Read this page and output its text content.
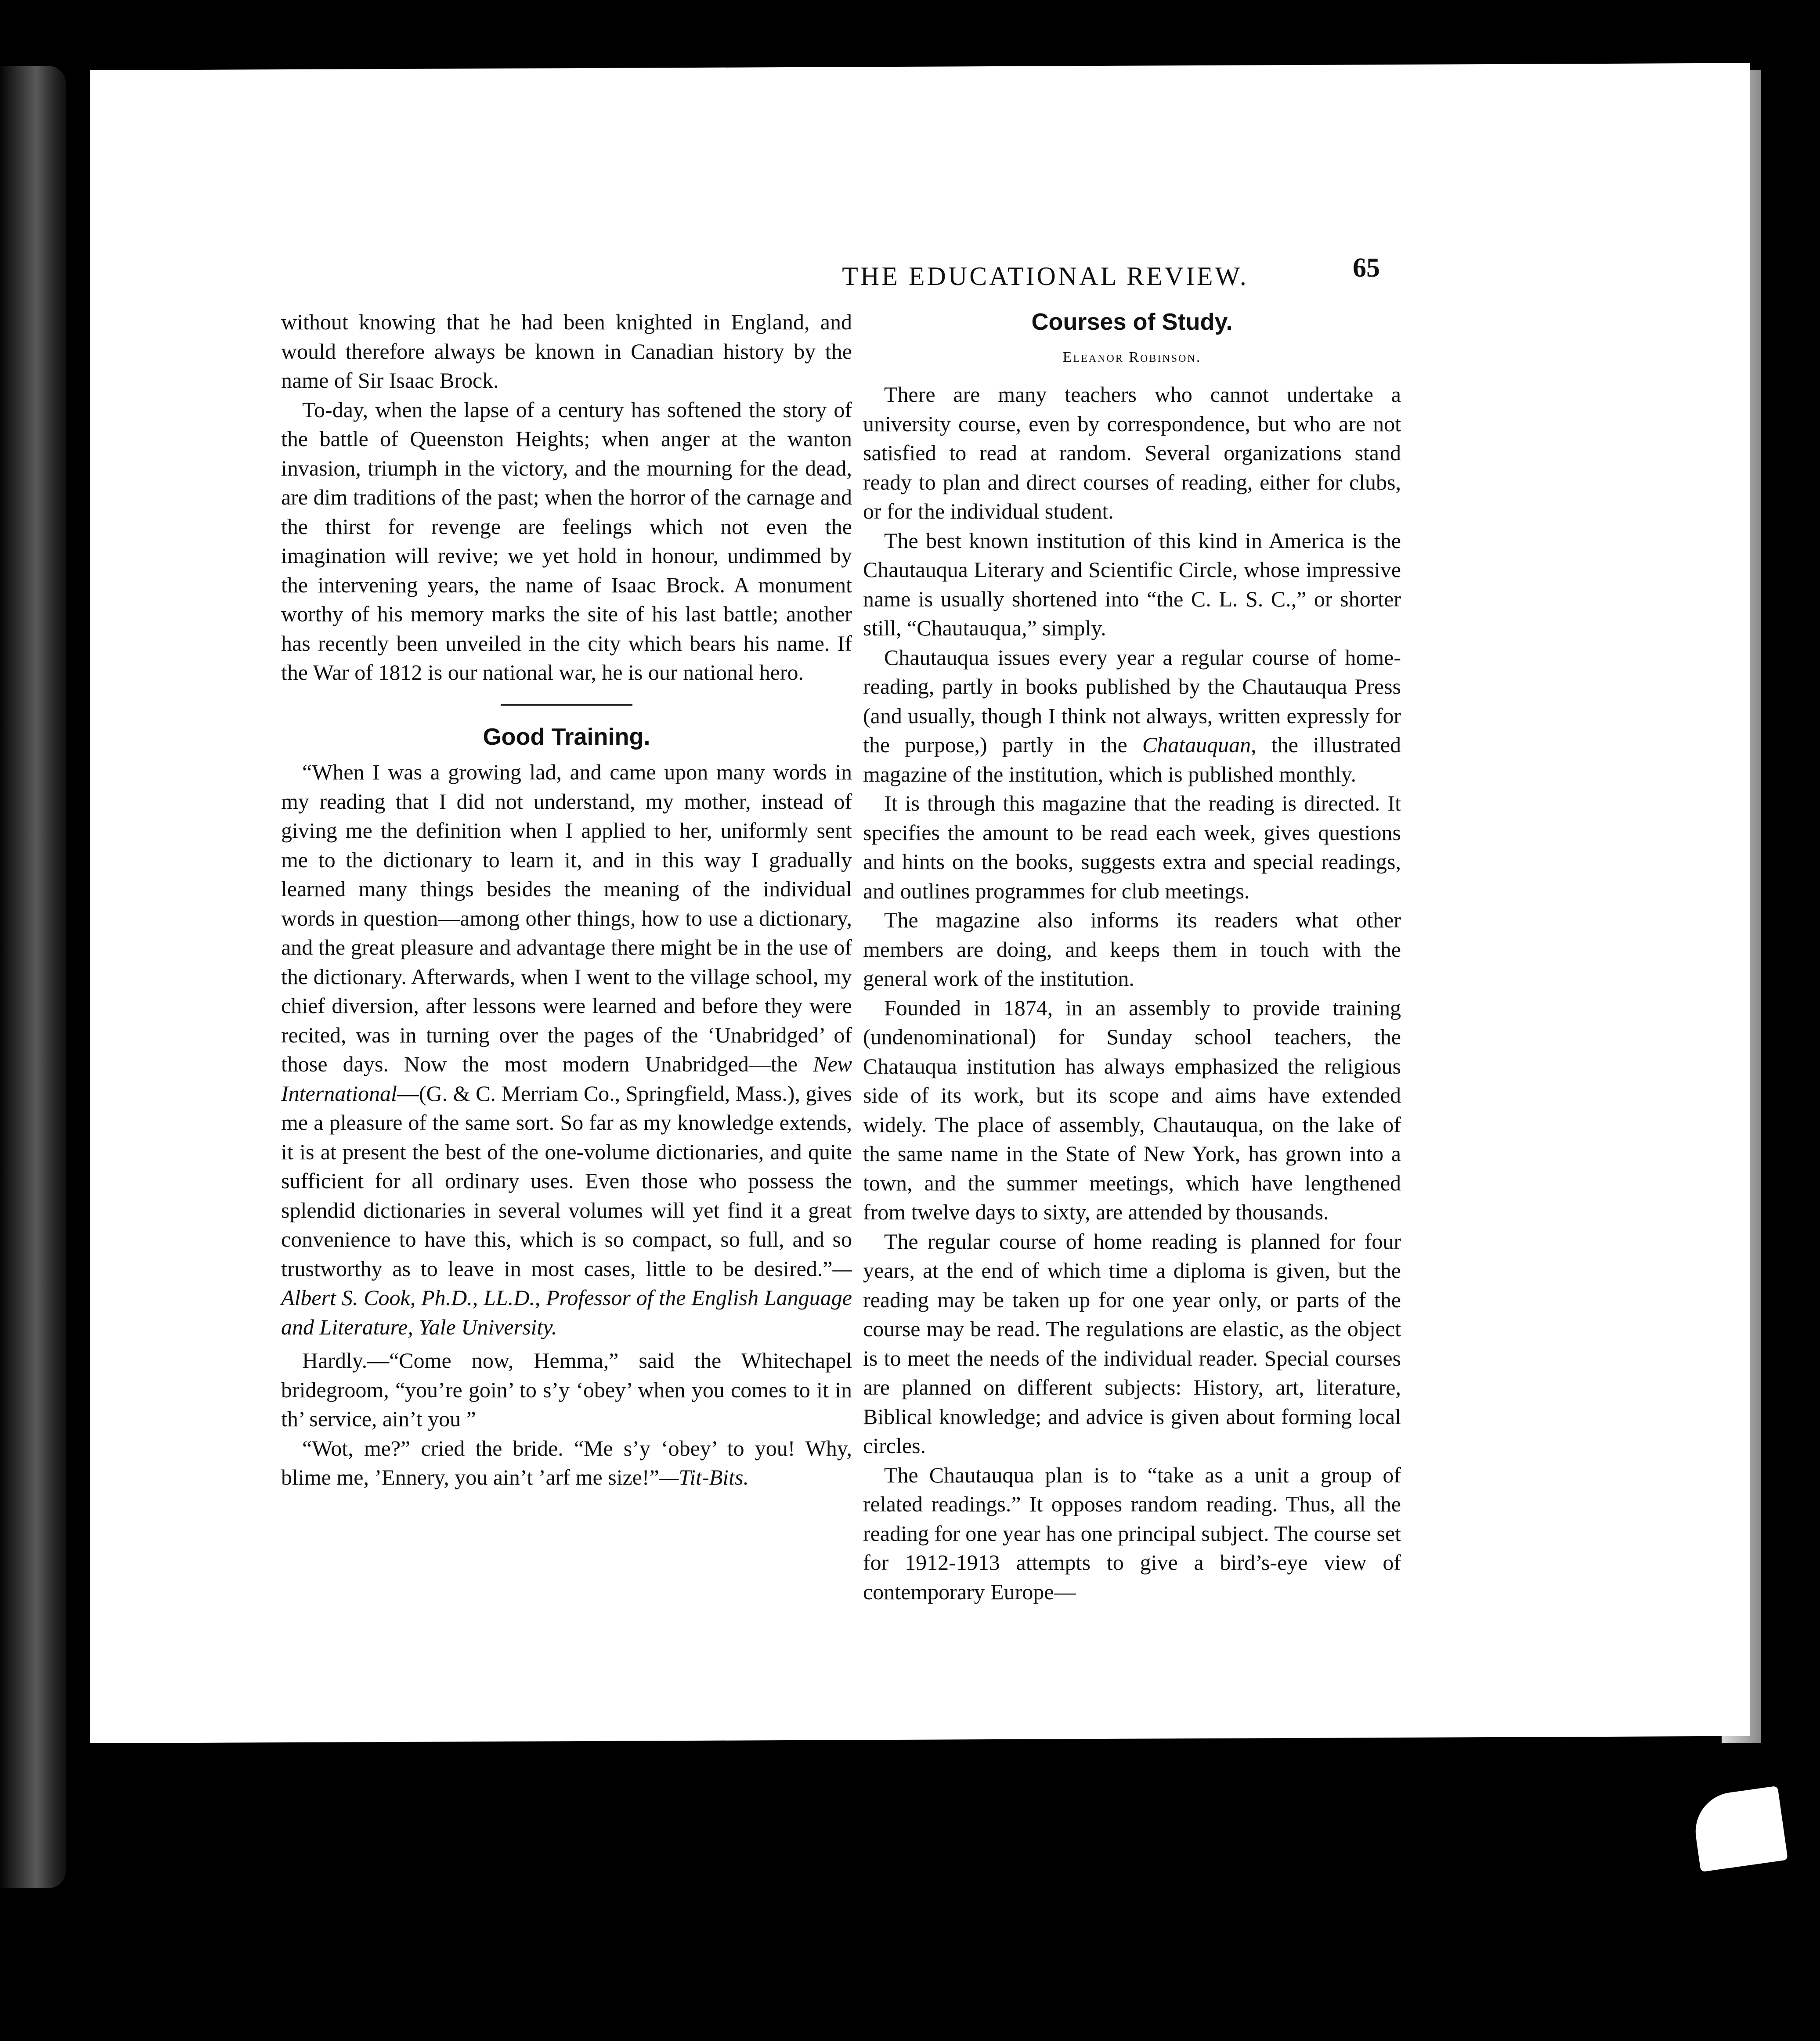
THE EDUCATIONAL REVIEW.	65

without knowing that he had been knighted in England, and would therefore always be known in Canadian history by the name of Sir Isaac Brock.

To-day, when the lapse of a century has softened the story of the battle of Queenston Heights; when anger at the wanton invasion, triumph in the victory, and the mourning for the dead, are dim traditions of the past; when the horror of the carnage and the thirst for revenge are feelings which not even the imagination will revive; we yet hold in honour, undimmed by the intervening years, the name of Isaac Brock. A monument worthy of his memory marks the site of his last battle; another has recently been unveiled in the city which bears his name. If the War of 1812 is our national war, he is our national hero.

Good Training.

“When I was a growing lad, and came upon many words in my reading that I did not understand, my mother, instead of giving me the definition when I applied to her, uniformly sent me to the dictionary to learn it, and in this way I gradually learned many things besides the meaning of the individual words in question—among other things, how to use a dictionary, and the great pleasure and advantage there might be in the use of the dictionary. Afterwards, when I went to the village school, my chief diversion, after lessons were learned and before they were recited, was in turning over the pages of the ‘Unabridged’ of those days. Now the most modern Unabridged—the New International—(G. & C. Merriam Co., Springfield, Mass.), gives me a pleasure of the same sort. So far as my knowledge extends, it is at present the best of the one-volume dictionaries, and quite sufficient for all ordinary uses. Even those who possess the splendid dictionaries in several volumes will yet find it a great convenience to have this, which is so compact, so full, and so trustworthy as to leave in most cases, little to be desired.”—Albert S. Cook, Ph.D., LL.D., Professor of the English Language and Literature, Yale University.

Hardly.—“Come now, Hemma,” said the Whitechapel bridegroom, “you’re goin’ to s’y ‘obey’ when you comes to it in th’ service, ain’t you ”

“Wot, me?” cried the bride. “Me s’y ‘obey’ to you! Why, blime me, ’Ennery, you ain’t ’arf me size!”—Tit-Bits.

Courses of Study.
Eleanor Robinson.

There are many teachers who cannot undertake a university course, even by correspondence, but who are not satisfied to read at random. Several organizations stand ready to plan and direct courses of reading, either for clubs, or for the individual student.

The best known institution of this kind in America is the Chautauqua Literary and Scientific Circle, whose impressive name is usually shortened into “the C. L. S. C.,” or shorter still, “Chautauqua,” simply.

Chautauqua issues every year a regular course of home-reading, partly in books published by the Chautauqua Press (and usually, though I think not always, written expressly for the purpose,) partly in the Chatauquan, the illustrated magazine of the institution, which is published monthly.

It is through this magazine that the reading is directed. It specifies the amount to be read each week, gives questions and hints on the books, suggests extra and special readings, and outlines programmes for club meetings.

The magazine also informs its readers what other members are doing, and keeps them in touch with the general work of the institution.

Founded in 1874, in an assembly to provide training (undenominational) for Sunday school teachers, the Chatauqua institution has always emphasized the religious side of its work, but its scope and aims have extended widely. The place of assembly, Chautauqua, on the lake of the same name in the State of New York, has grown into a town, and the summer meetings, which have lengthened from twelve days to sixty, are attended by thousands.

The regular course of home reading is planned for four years, at the end of which time a diploma is given, but the reading may be taken up for one year only, or parts of the course may be read. The regulations are elastic, as the object is to meet the needs of the individual reader. Special courses are planned on different subjects: History, art, literature, Biblical knowledge; and advice is given about forming local circles.

The Chautauqua plan is to “take as a unit a group of related readings.” It opposes random reading. Thus, all the reading for one year has one principal subject. The course set for 1912-1913 attempts to give a bird’s-eye view of contemporary Europe—
